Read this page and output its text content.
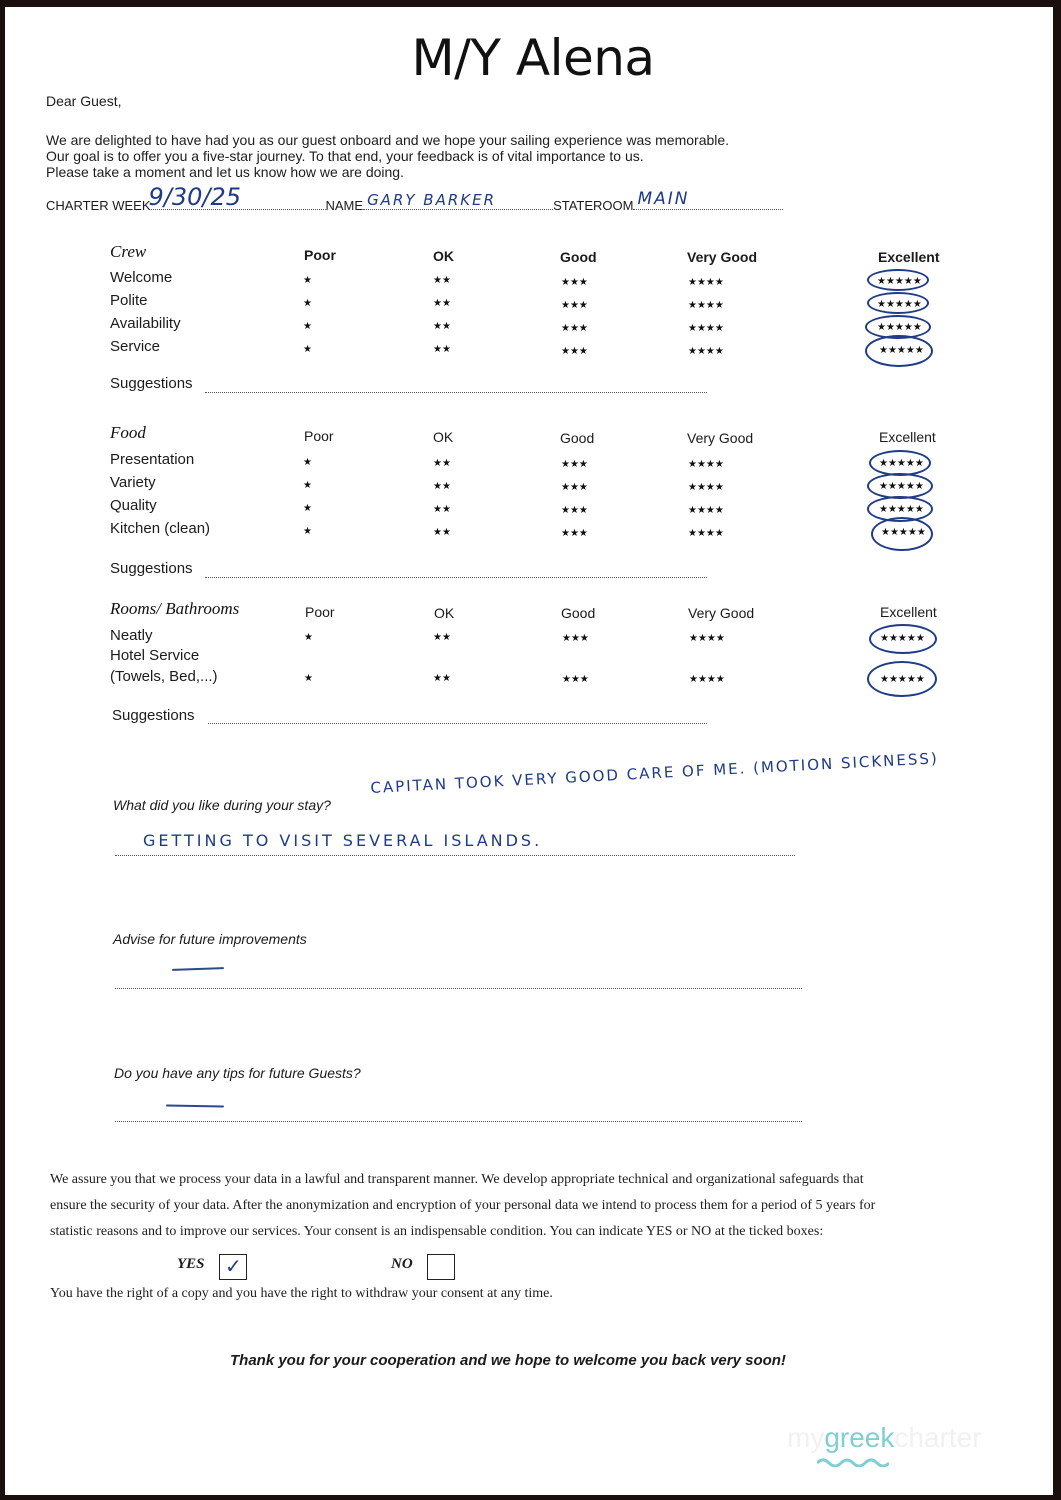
M/Y Alena
Dear Guest,
We are delighted to have had you as our guest onboard and we hope your sailing experience was memorable.
Our goal is to offer you a five-star journey. To that end, your feedback is of vital importance to us.
Please take a moment and let us know how we are doing.
CHARTER WEEK
9/30/25	NAME GARY BARKER	STATEROOM MAIN
Crew	Poor	OK	Good	Very Good	Excellent
Welcome	★	★★	★★★	★★★★	★★★★★
Polite	★	★★	★★★	★★★★	★★★★★
Availability	★	★★	★★★	★★★★	★★★★★
Service	★	★★	★★★	★★★★	★★★★★
Suggestions
Food	Poor	OK	Good	Very Good	Excellent
Presentation	★	★★	★★★	★★★★	★★★★★
Variety	★	★★	★★★	★★★★	★★★★★
Quality	★	★★	★★★	★★★★	★★★★★
Kitchen (clean)	★	★★	★★★	★★★★	★★★★★
Suggestions
Rooms/ Bathrooms	Poor	OK	Good	Very Good	Excellent
Neatly	★	★★	★★★	★★★★	★★★★★
Hotel Service
(Towels, Bed,...)	★	★★	★★★	★★★★	★★★★★
Suggestions
What did you like during your stay?
CAPITAN TOOK VERY GOOD CARE OF ME. (MOTION SICKNESS)
GETTING TO VISIT SEVERAL ISLANDS.
Advise for future improvements
Do you have any tips for future Guests?
We assure you that we process your data in a lawful and transparent manner. We develop appropriate technical and organizational safeguards that
ensure the security of your data. After the anonymization and encryption of your personal data we intend to process them for a period of 5 years for
statistic reasons and to improve our services. Your consent is an indispensable condition. You can indicate YES or NO at the ticked boxes:
YES ✓	NO
You have the right of a copy and you have the right to withdraw your consent at any time.
Thank you for your cooperation and we hope to welcome you back very soon!
mygreekcharter
